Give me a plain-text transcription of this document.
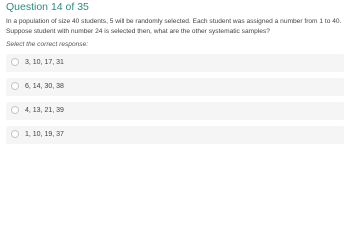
Question 14 of 35
In a population of size 40 students, 5 will be randomly selected. Each student was assigned a number from 1 to 40. Suppose student with number 24 is selected then, what are the other systematic samples?
Select the correct response:
3, 10, 17, 31
6, 14, 30, 38
4, 13, 21, 39
1, 10, 19, 37
